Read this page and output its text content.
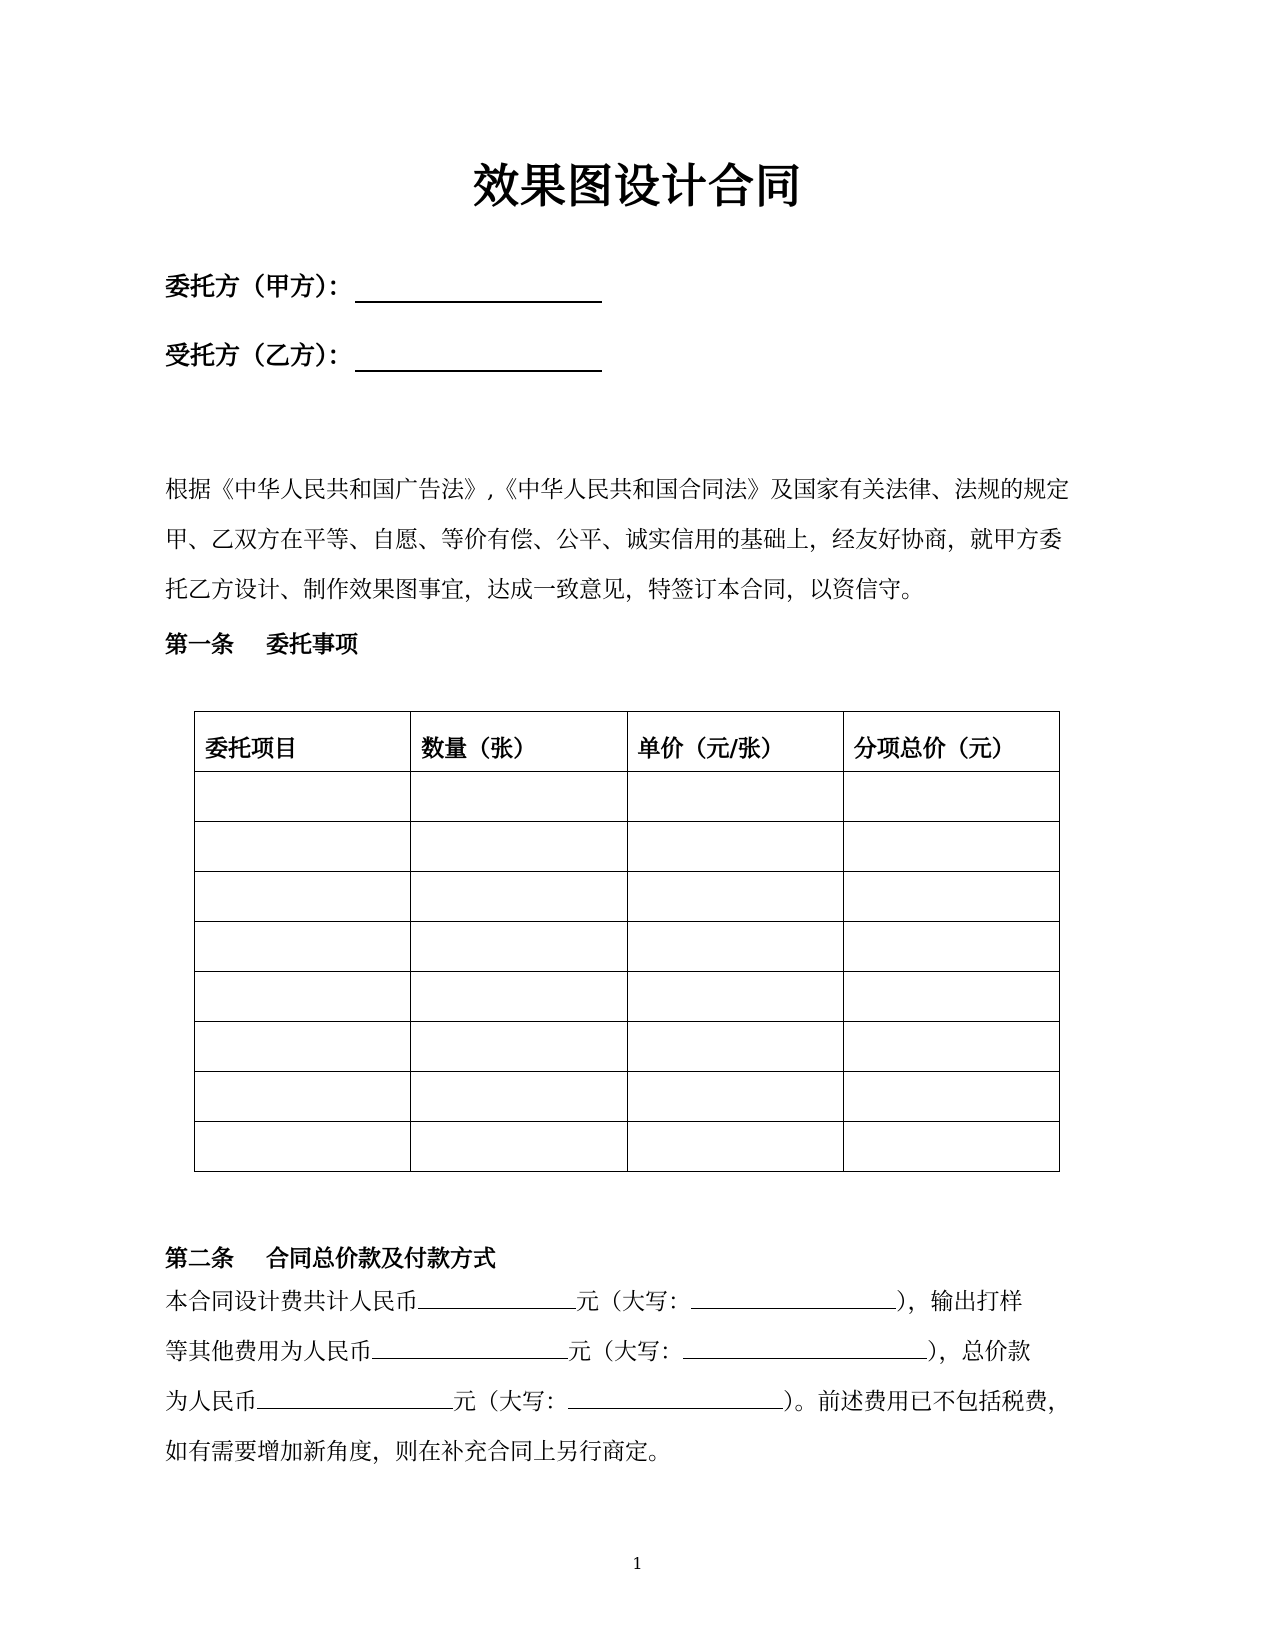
效果图设计合同
委托方（甲方）：
受托方（乙方）：
根据《中华人民共和国广告法》,《中华人民共和国合同法》及国家有关法律、法规的规定
甲、乙双方在平等、自愿、等价有偿、公平、诚实信用的基础上，经友好协商，就甲方委
托乙方设计、制作效果图事宜，达成一致意见，特签订本合同，以资信守。
第一条    委托事项
委托项目	数量（张）	单价（元/张）	分项总价（元）

第二条    合同总价款及付款方式
本合同设计费共计人民币	元（大写：	），输出打样
等其他费用为人民币	元（大写：	），总价款
为人民币	元（大写：	）。前述费用已不包括税费，
如有需要增加新角度，则在补充合同上另行商定。
1
